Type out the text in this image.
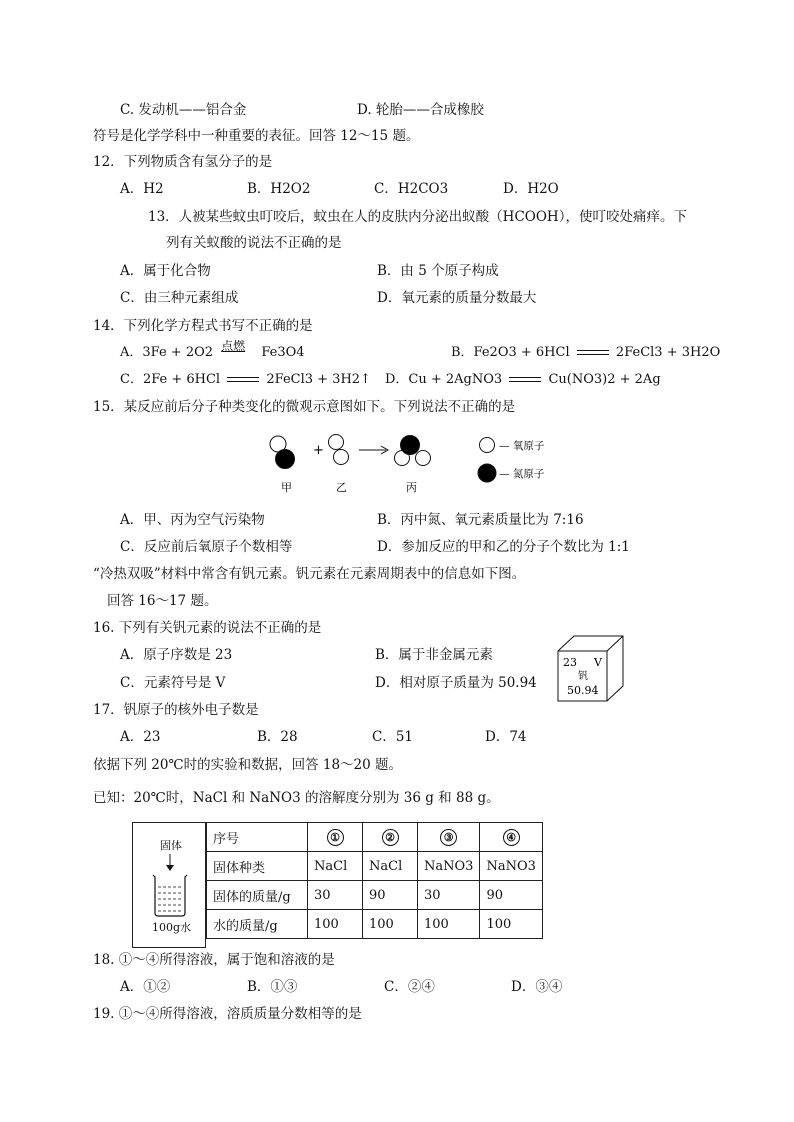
C. 发动机——铝合金	D. 轮胎——合成橡胶
符号是化学学科中一种重要的表征。回答 12～15 题。
12．下列物质含有氢分子的是
A．H2	B．H2O2	C．H2CO3	D．H2O
13．人被某些蚊虫叮咬后，蚊虫在人的皮肤内分泌出蚁酸（HCOOH），使叮咬处痛痒。下
列有关蚁酸的说法不正确的是
A．属于化合物	B．由 5 个原子构成
C．由三种元素组成	D．氧元素的质量分数最大
14．下列化学方程式书写不正确的是
A．3Fe + 2O2 点燃 Fe3O4	B．Fe2O3 + 6HCl	2FeCl3 + 3H2O
C．2Fe + 6HCl	2FeCl3 + 3H2↑ D．Cu + 2AgNO3	Cu(NO3)2 + 2Ag
15．某反应前后分子种类变化的微观示意图如下。下列说法不正确的是
+	— 氧原子
— 氮原子
甲	乙	丙
A．甲、丙为空气污染物	B．丙中氮、氧元素质量比为 7:16
C．反应前后氧原子个数相等	D．参加反应的甲和乙的分子个数比为 1:1
“冷热双吸”材料中常含有钒元素。钒元素在元素周期表中的信息如下图。
回答 16～17 题。
16. 下列有关钒元素的说法不正确的是
A．原子序数是 23	B．属于非金属元素
C．元素符号是 V	D．相对原子质量为 50.94
23 V
钒
50.94
17．钒原子的核外电子数是
A．23	B．28	C．51	D．74
依据下列 20℃时的实验和数据，回答 18～20 题。
已知：20℃时，NaCl 和 NaNO3 的溶解度分别为 36 g 和 88 g。
固体
100g水
序号	①	②	③	④
固体种类	NaCl	NaCl	NaNO3	NaNO3
固体的质量/g	30	90	30	90
水的质量/g	100	100	100	100
18. ①～④所得溶液，属于饱和溶液的是
A．①②	B．①③	C．②④	D．③④
19. ①～④所得溶液，溶质质量分数相等的是
